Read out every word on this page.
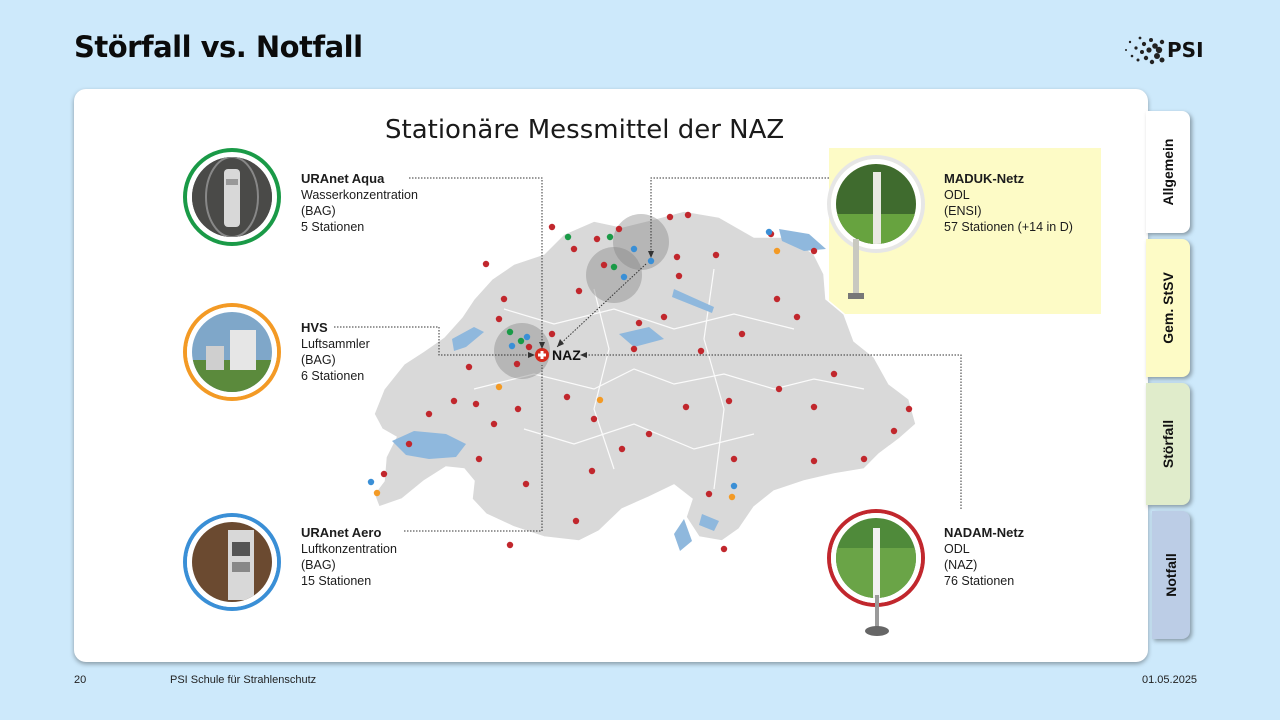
Störfall vs. Notfall	PSI
Stationäre Messmittel der NAZ
NAZ
URAnet Aqua
Wasserkonzentration
(BAG)
5 Stationen
HVS
Luftsammler
(BAG)
6 Stationen
URAnet Aero
Luftkonzentration
(BAG)
15 Stationen
MADUK-Netz
ODL
(ENSI)
57 Stationen (+14 in D)
NADAM-Netz
ODL
(NAZ)
76 Stationen
Allgemein
Gem. StSV
Störfall
Notfall
20	PSI Schule für Strahlenschutz	01.05.2025
